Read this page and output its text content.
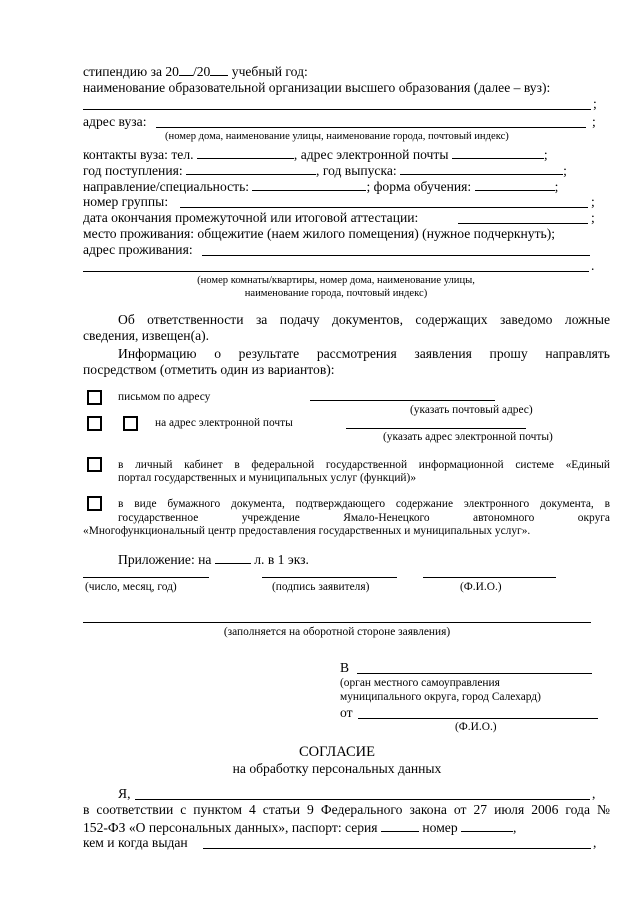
стипендию за 20 /20 учебный год:
наименование образовательной организации высшего образования (далее – вуз):
;
адрес вуза:	;
(номер дома, наименование улицы, наименование города, почтовый индекс)
контакты вуза: тел.	, адрес электронной почты	;
год поступления:	, год выпуска:	;
направление/специальность:	; форма обучения:	;
номер группы:	;
дата окончания промежуточной или итоговой аттестации:	;
место проживания: общежитие (наем жилого помещения) (нужное подчеркнуть);
адрес проживания:
.
(номер комнаты/квартиры, номер дома, наименование улицы,
наименование города, почтовый индекс)
Об ответственности за подачу документов, содержащих заведомо ложные
сведения, извещен(а).
Информацию о результате рассмотрения заявления прошу направлять
посредством (отметить один из вариантов):
письмом по адресу
(указать почтовый адрес)
на адрес электронной почты
(указать адрес электронной почты)
в личный кабинет в федеральной государственной информационной системе «Единый
портал государственных и муниципальных услуг (функций)»
в виде бумажного документа, подтверждающего содержание электронного документа, в
государственное учреждение Ямало-Ненецкого автономного округа
«Многофункциональный центр предоставления государственных и муниципальных услуг».
Приложение: на	л. в 1 экз.
(число, месяц, год)	(подпись заявителя)	(Ф.И.О.)
(заполняется на оборотной стороне заявления)
В
(орган местного самоуправления
муниципального округа, город Салехард)
от
(Ф.И.О.)
СОГЛАСИЕ
на обработку персональных данных
Я,	,
в соответствии с пунктом 4 статьи 9 Федерального закона от 27 июля 2006 года №
152-ФЗ «О персональных данных», паспорт: серия	номер	,
кем и когда выдан	,
